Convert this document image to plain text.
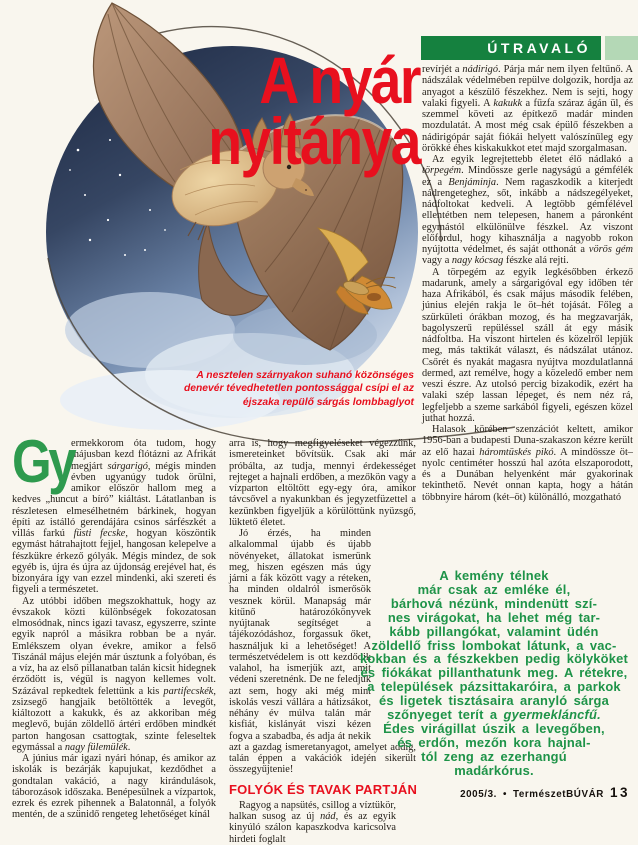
ÚTRAVALÓ
A nyár
nyitánya
A nesztelen szárnyakon suhanó közönséges denevér tévedhetetlen pontossággal csípi el az éjszaka repülő sárgás lombbaglyot

Gy
ermekkorom óta tudom, hogy májusban kezd flótázni az Afrikát megjárt sárgarigó, mégis minden évben ugyanúgy tudok örülni, amikor először hallom meg a kedves „huncut a bíró” kiáltást. Látatlanban is részletesen elmesélhetném bárkinek, hogyan építi az istálló gerendájára csinos sárfészkét a villás farkú füsti fecske, hogyan köszöntik egymást hátrahajtott fejjel, hangosan kelepelve a fészkükre érkező gólyák. Mégis mindez, de sok egyéb is, újra és újra az újdonság erejével hat, és bizonyára így van ezzel mindenki, aki szereti és figyeli a természetet.

Az utóbbi időben megszokhattuk, hogy az évszakok közti különbségek fokozatosan elmosódnak, nincs igazi tavasz, egyszerre, szinte egyik napról a másikra robban be a nyár. Emlékszem olyan évekre, amikor a felső Tiszánál május elején már úsztunk a folyóban, és a víz, ha az első pillanatban talán kicsit hidegnek érződött is, végül is nagyon kellemes volt. Százával repkedtek felettünk a kis partifecskék, zsizsegő hangjaik betöltötték a levegőt, kiáltozott a kakukk, és az akkoriban még meglevő, buján zöldellő ártéri erdőben mindkét parton hangosan csattogtak, szinte feleseltek egymással a nagy fülemülék.

A június már igazi nyári hónap, és amikor az iskolák is bezárják kapujukat, kezdődhet a gondtalan vakáció, a nagy kirándulások, táborozások időszaka. Benépesülnek a vízpartok, ezrek és ezrek pihennek a Balatonnál, a folyók mentén, de a szünidő rengeteg lehetőséget kínál

arra is, hogy megfigyeléseket végezzünk, ismereteinket bővítsük. Csak aki már próbálta, az tudja, mennyi érdekességet rejteget a hajnali erdőben, a mezőkön vagy a vízparton eltöltött egy-egy óra, amikor távcsővel a nyakunkban és jegyzetfüzettel a kezünkben figyeljük a körülöttünk nyüzsgő, lüktető életet.

Jó érzés, ha minden alkalommal újabb és újabb növényeket, állatokat ismerünk meg, hiszen egészen más úgy járni a fák között vagy a réteken, ha minden oldalról ismerősök vesznek körül. Manapság már kitűnő határozókönyvek nyújtanak segítséget a tájékozódáshoz, forgassuk őket, használjuk ki a lehetőséget! A természetvédelem is ott kezdődik valahol, ha ismerjük azt, amit védeni szeretnénk. De ne feledjük azt sem, hogy aki még mint iskolás veszi vállára a hátizsákot, néhány év múlva talán már kisfiát, kislányát viszi kézen fogva a szabadba, és adja át nekik azt a gazdag ismeretanyagot, amelyet addig, talán éppen a vakációk idején sikerült összegyűjtenie!

FOLYÓK ÉS TAVAK PARTJÁN

Ragyog a napsütés, csillog a víztükör, halkan susog az új nád, és az egyik kinyúló szálon kapaszkodva karicsolva hirdeti foglalt

revírjét a nádirigó. Párja már nem ilyen feltűnő. A nádszálak védelmében repülve dolgozik, hordja az anyagot a készülő fészekhez. Nem is sejti, hogy valaki figyeli. A kakukk a fűzfa száraz ágán ül, és szemmel követi az építkező madár minden mozdulatát. A most még csak épülő fészekben a nádirigópár saját fiókái helyett valószínűleg egy örökké éhes kiskakukkot etet majd szorgalmasan.

Az egyik legrejtettebb életet élő nádlakó a törpegém. Mindössze gerle nagyságú a gémfélék ez a Benjáminja. Nem ragaszkodik a kiterjedt nádrengeteghez, sőt, inkább a nádszegélyeket, nádfoltokat kedveli. A legtöbb gémfélével ellentétben nem telepesen, hanem a páronként egymástól elkülönülve fészkel. Az viszont előfordul, hogy kihasználja a nagyobb rokon nyújtotta védelmet, és saját otthonát a vörös gém vagy a nagy kócsag fészke alá rejti.

A törpegém az egyik legkésőbben érkező madarunk, amely a sárgarigóval egy időben tér haza Afrikából, és csak május második felében, június elején rakja le öt–hét tojását. Főleg a szürkületi órákban mozog, és ha megzavarják, bagolyszerű repüléssel száll át egy másik nádfoltba. Ha viszont hirtelen és közelről lepjük meg, más taktikát választ, és nádszálat utánoz. Csőrét és nyakát magasra nyújtva mozdulatlanná dermed, azt remélve, hogy a közeledő ember nem veszi észre. Az utolsó percig bizakodik, ezért ha valaki szép lassan lépeget, és nem néz rá, legfeljebb a szeme sarkából figyeli, egészen közel juthat hozzá.

Halasok körében szenzációt keltett, amikor 1956-ban a budapesti Duna-szakaszon kézre került az elő hazai háromtüskés pikó. A mindössze öt–nyolc centiméter hosszú hal azóta elszaporodott, és a Dunában helyenként már gyakorinak tekinthető. Nevét onnan kapta, hogy a hátán többnyire három (két–öt) különálló, mozgatható

A kemény télnek
már csak az emléke él,
bárhová nézünk, mindenütt szí-
nes virágokat, ha lehet még tar-
kább pillangókat, valamint üdén
zöldellő friss lombokat látunk, a vac-
kokban és a fészkekben pedig kölyköket
és fiókákat pillanthatunk meg. A rétekre,
a települések pázsittakaróira, a parkok
és ligetek tisztásaira aranyló sárga
szőnyeget terít a gyermekláncfű.
Édes virágillat úszik a levegőben,
és erdőn, mezőn kora hajnal-
tól zeng az ezerhangú
madárkórus.
2005/3. • TermészetBÚVÁR 13
